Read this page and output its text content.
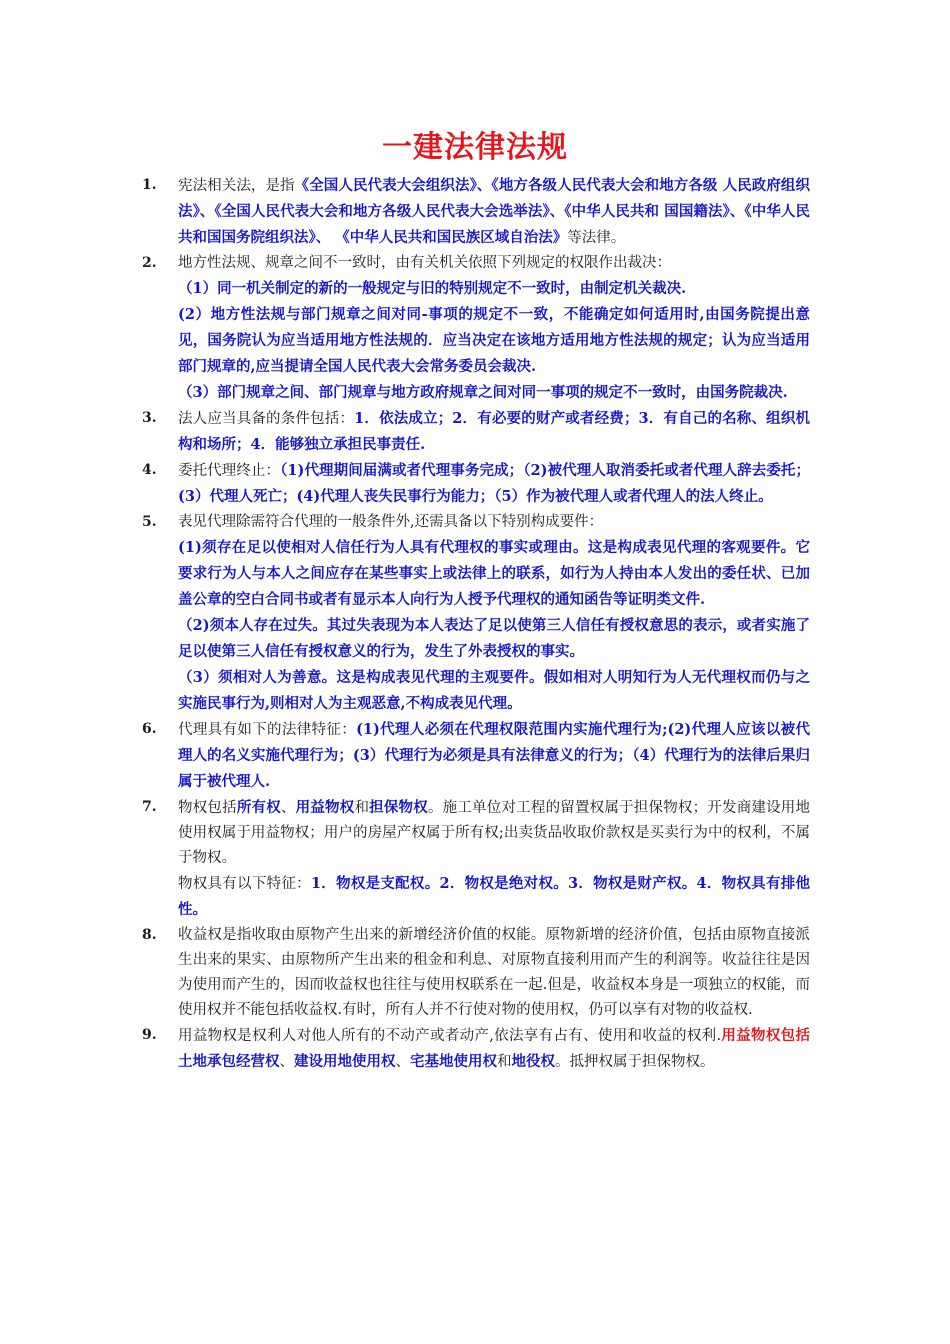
一建法律法规
1. 宪法相关法，是指《全国人民代表大会组织法》、《地方各级人民代表大会和地方各级 人民政府组织法》、《全国人民代表大会和地方各级人民代表大会选举法》、《中华人民共和 国国籍法》、《中华人民共和国国务院组织法》、 《中华人民共和国民族区域自治法》等法律。

2. 地方性法规、规章之间不一致时，由有关机关依照下列规定的权限作出裁决：

（1）同一机关制定的新的一般规定与旧的特别规定不一致时，由制定机关裁决.

(2）地方性法规与部门规章之间对同-事项的规定不一致，不能确定如何适用时,由国务院提出意见，国务院认为应当适用地方性法规的．应当决定在该地方适用地方性法规的规定；认为应当适用部门规章的,应当提请全国人民代表大会常务委员会裁决.

（3）部门规章之间、部门规章与地方政府规章之间对同一事项的规定不一致时，由国务院裁决.

3. 法人应当具备的条件包括：1．依法成立；2．有必要的财产或者经费；3．有自己的名称、组织机构和场所；4．能够独立承担民事责任.

4. 委托代理终止：（1)代理期间届满或者代理事务完成；（2)被代理人取消委托或者代理人辞去委托；(3）代理人死亡；(4)代理人丧失民事行为能力；（5）作为被代理人或者代理人的法人终止。

5. 表见代理除需符合代理的一般条件外,还需具备以下特别构成要件：

(1)须存在足以使相对人信任行为人具有代理权的事实或理由。这是构成表见代理的客观要件。它要求行为人与本人之间应存在某些事实上或法律上的联系，如行为人持由本人发出的委任状、已加盖公章的空白合同书或者有显示本人向行为人授予代理权的通知函告等证明类文件.

（2)须本人存在过失。其过失表现为本人表达了足以使第三人信任有授权意思的表示，或者实施了足以使第三人信任有授权意义的行为，发生了外表授权的事实。

（3）须相对人为善意。这是构成表见代理的主观要件。假如相对人明知行为人无代理权而仍与之实施民事行为,则相对人为主观恶意,不构成表见代理。

6. 代理具有如下的法律特征：(1)代理人必须在代理权限范围内实施代理行为;(2)代理人应该以被代理人的名义实施代理行为；(3）代理行为必须是具有法律意义的行为；（4）代理行为的法律后果归属于被代理人.

7. 物权包括所有权、用益物权和担保物权。施工单位对工程的留置权属于担保物权；开发商建设用地使用权属于用益物权；用户的房屋产权属于所有权;出卖货品收取价款权是买卖行为中的权利，不属于物权。

物权具有以下特征：1．物权是支配权。2．物权是绝对权。3．物权是财产权。4．物权具有排他性。

8. 收益权是指收取由原物产生出来的新增经济价值的权能。原物新增的经济价值，包括由原物直接派生出来的果实、由原物所产生出来的租金和利息、对原物直接利用而产生的利润等。收益往往是因为使用而产生的，因而收益权也往往与使用权联系在一起.但是，收益权本身是一项独立的权能，而使用权并不能包括收益权.有时，所有人并不行使对物的使用权，仍可以享有对物的收益权.

9. 用益物权是权利人对他人所有的不动产或者动产,依法享有占有、使用和收益的权利.用益物权包括土地承包经营权、建设用地使用权、宅基地使用权和地役权。抵押权属于担保物权。
